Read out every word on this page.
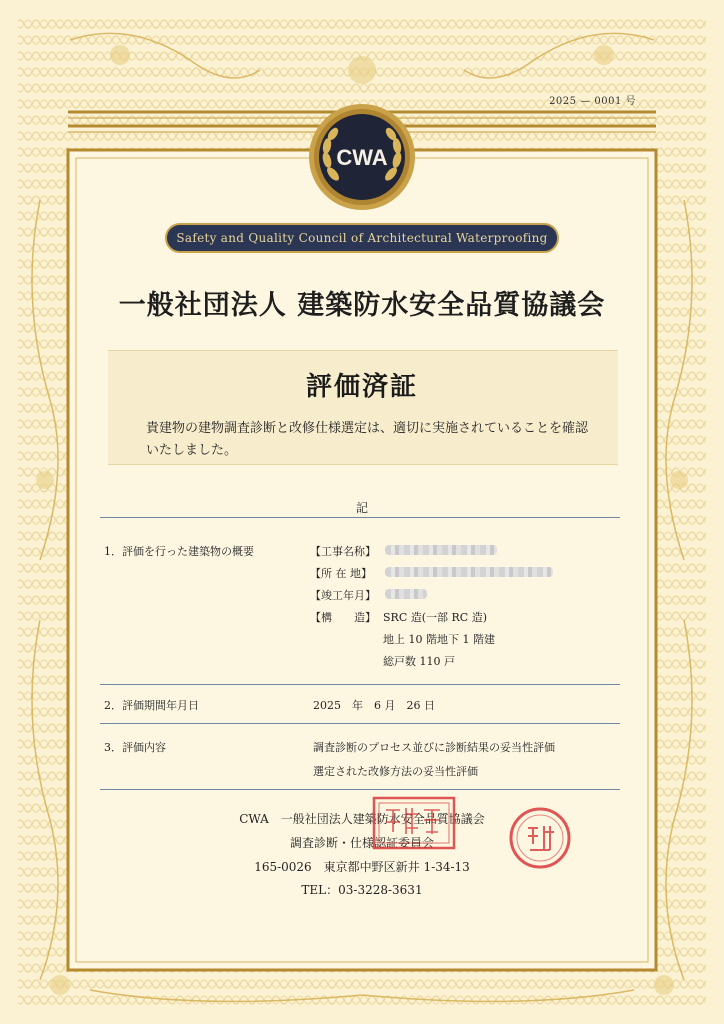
2025 — 0001 号
CWA
Safety and Quality Council of Architectural Waterproofing
一般社団法人 建築防水安全品質協議会
評価済証
貴建物の建物調査診断と改修仕様選定は、適切に実施されていることを確認いたしました。
記
1．評価を行った建築物の概要	【工事名称】
【所 在 地】
【竣工年月】
【構　　造】 SRC 造(一部 RC 造)
地上 10 階地下 1 階建
総戸数 110 戸
2．評価期間年月日	2025　年　6 月　26 日
3．評価内容	調査診断のプロセス並びに診断結果の妥当性評価
選定された改修方法の妥当性評価
CWA　一般社団法人建築防水安全品質協議会
調査診断・仕様認証委員会
165-0026　東京都中野区新井 1-34-13
TEL：03-3228-3631
